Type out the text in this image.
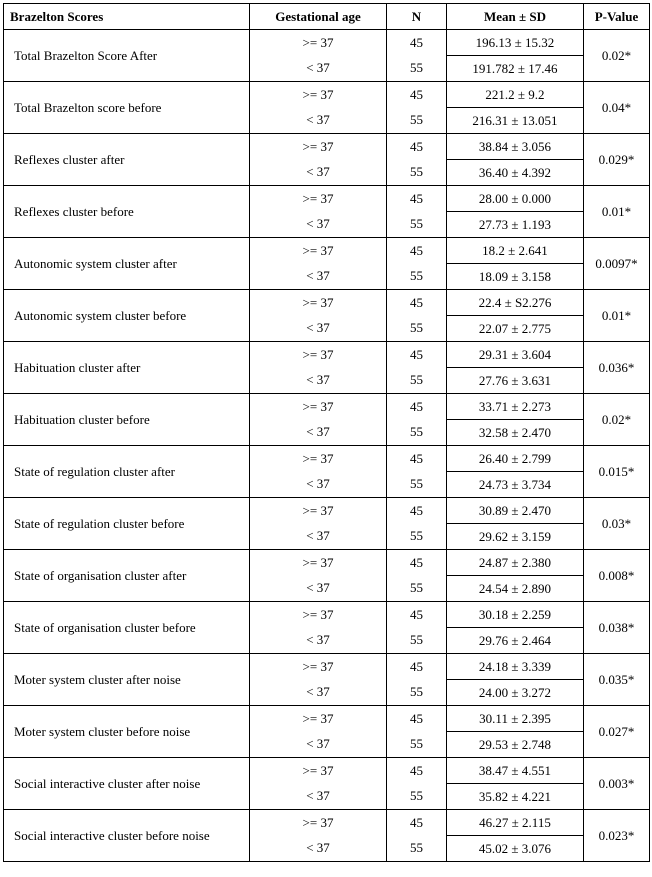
Brazelton Scores	Gestational age	N	Mean ± SD	P-Value
Total Brazelton Score After	>= 37	45	196.13 ± 15.32	0.02*
	< 37	55	191.782 ± 17.46	
Total Brazelton score before	>= 37	45	221.2 ± 9.2	0.04*
	< 37	55	216.31 ± 13.051	
Reflexes cluster after	>= 37	45	38.84 ± 3.056	0.029*
	< 37	55	36.40 ± 4.392	
Reflexes cluster before	>= 37	45	28.00 ± 0.000	0.01*
	< 37	55	27.73 ± 1.193	
Autonomic system cluster after	>= 37	45	18.2 ± 2.641	0.0097*
	< 37	55	18.09 ± 3.158	
Autonomic system cluster before	>= 37	45	22.4 ± S2.276	0.01*
	< 37	55	22.07 ± 2.775	
Habituation cluster after	>= 37	45	29.31 ± 3.604	0.036*
	< 37	55	27.76 ± 3.631	
Habituation cluster before	>= 37	45	33.71 ± 2.273	0.02*
	< 37	55	32.58 ± 2.470	
State of regulation cluster after	>= 37	45	26.40 ± 2.799	0.015*
	< 37	55	24.73 ± 3.734	
State of regulation cluster before	>= 37	45	30.89 ± 2.470	0.03*
	< 37	55	29.62 ± 3.159	
State of organisation cluster after	>= 37	45	24.87 ± 2.380	0.008*
	< 37	55	24.54 ± 2.890	
State of organisation cluster before	>= 37	45	30.18 ± 2.259	0.038*
	< 37	55	29.76 ± 2.464	
Moter system cluster after noise	>= 37	45	24.18 ± 3.339	0.035*
	< 37	55	24.00 ± 3.272	
Moter system cluster before noise	>= 37	45	30.11 ± 2.395	0.027*
	< 37	55	29.53 ± 2.748	
Social interactive cluster after noise	>= 37	45	38.47 ± 4.551	0.003*
	< 37	55	35.82 ± 4.221	
Social interactive cluster before noise	>= 37	45	46.27 ± 2.115	0.023*
	< 37	55	45.02 ± 3.076	
